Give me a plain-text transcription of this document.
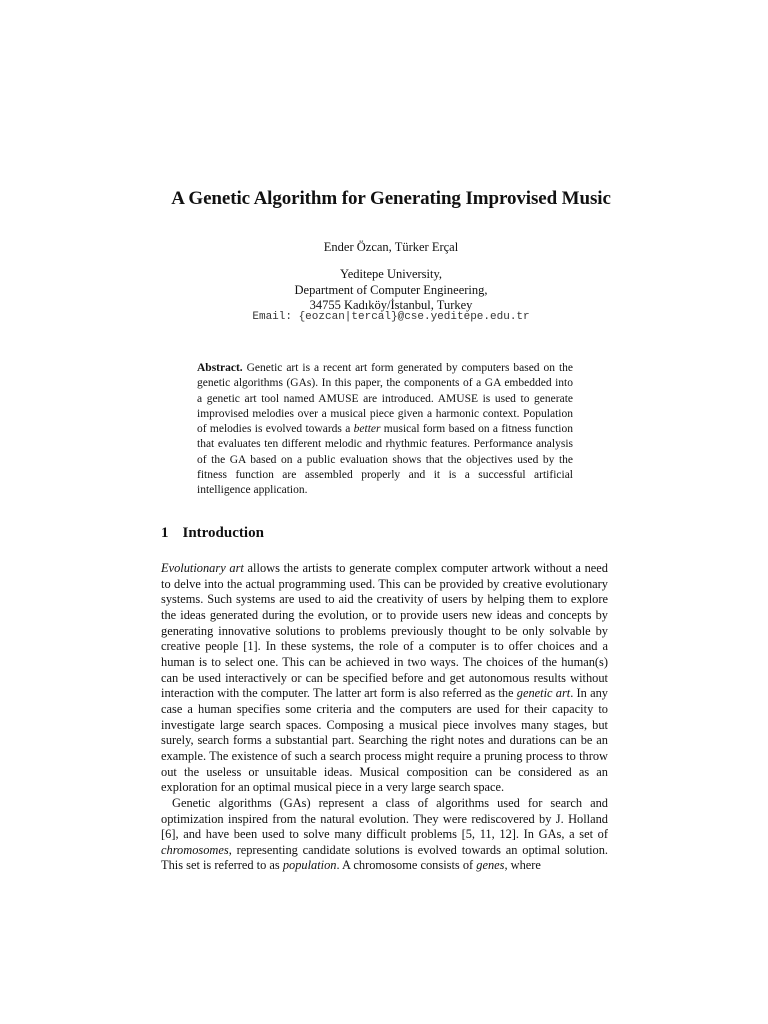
A Genetic Algorithm for Generating Improvised Music
Ender Özcan, Türker Erçal
Yeditepe University,
Department of Computer Engineering,
34755 Kadıköy/İstanbul, Turkey
Email: {eozcan|tercal}@cse.yeditepe.edu.tr
Abstract. Genetic art is a recent art form generated by computers based on the genetic algorithms (GAs). In this paper, the components of a GA embedded into a genetic art tool named AMUSE are introduced. AMUSE is used to generate improvised melodies over a musical piece given a harmonic context. Population of melodies is evolved towards a better musical form based on a fitness function that evaluates ten different melodic and rhythmic features. Performance analysis of the GA based on a public evaluation shows that the objectives used by the fitness function are assembled properly and it is a successful artificial intelligence application.
1 Introduction

Evolutionary art allows the artists to generate complex computer artwork without a need to delve into the actual programming used. This can be provided by creative evolutionary systems. Such systems are used to aid the creativity of users by helping them to explore the ideas generated during the evolution, or to provide users new ideas and concepts by generating innovative solutions to problems previously thought to be only solvable by creative people [1]. In these systems, the role of a computer is to offer choices and a human is to select one. This can be achieved in two ways. The choices of the human(s) can be used interactively or can be specified before and get autonomous results without interaction with the computer. The latter art form is also referred as the genetic art. In any case a human specifies some criteria and the computers are used for their capacity to investigate large search spaces. Composing a musical piece involves many stages, but surely, search forms a substantial part. Searching the right notes and durations can be an example. The existence of such a search process might require a pruning process to throw out the useless or unsuitable ideas. Musical composition can be considered as an exploration for an optimal musical piece in a very large search space.

Genetic algorithms (GAs) represent a class of algorithms used for search and optimization inspired from the natural evolution. They were rediscovered by J. Holland [6], and have been used to solve many difficult problems [5, 11, 12]. In GAs, a set of chromosomes, representing candidate solutions is evolved towards an optimal solution. This set is referred to as population. A chromosome consists of genes, where
